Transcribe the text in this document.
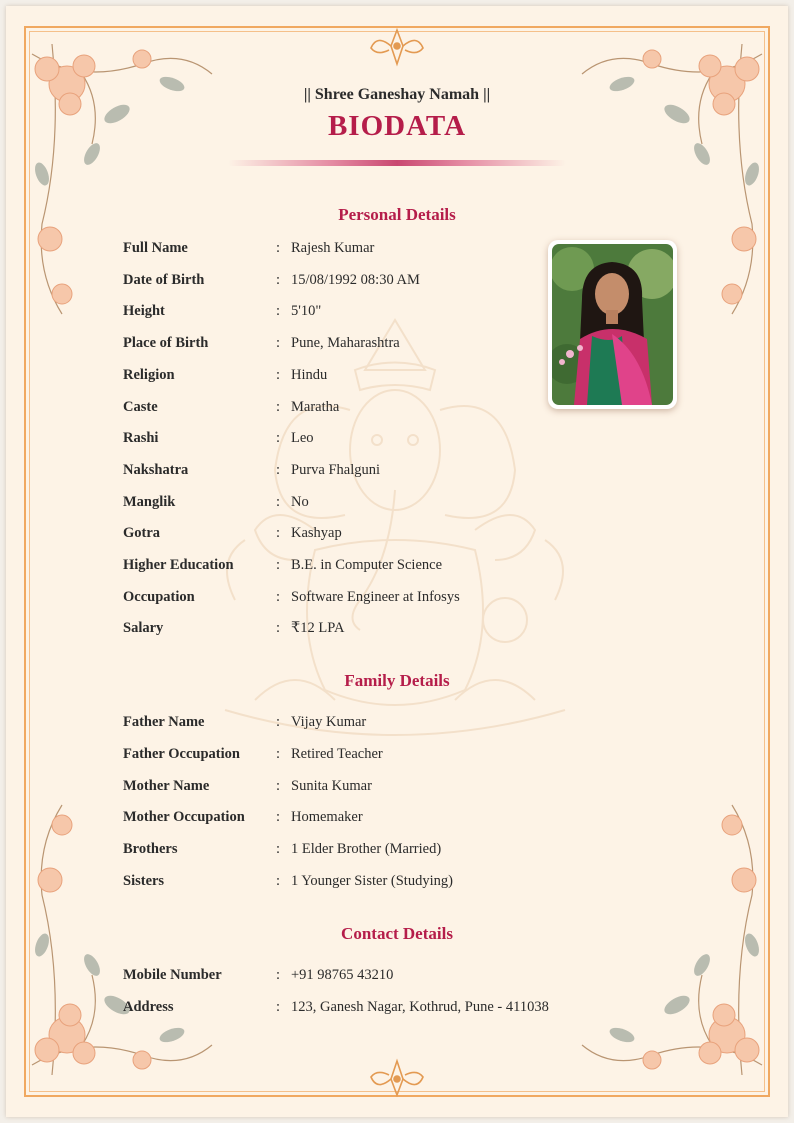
|| Shree Ganeshay Namah ||
BIODATA
Personal Details
Full Name	: Rajesh Kumar
Date of Birth	: 15/08/1992 08:30 AM
Height	: 5'10"
Place of Birth	: Pune, Maharashtra
Religion	: Hindu
Caste	: Maratha
Rashi	: Leo
Nakshatra	: Purva Fhalguni
Manglik	: No
Gotra	: Kashyap
Higher Education	: B.E. in Computer Science
Occupation	: Software Engineer at Infosys
Salary	: ₹12 LPA
Family Details
Father Name	: Vijay Kumar
Father Occupation	: Retired Teacher
Mother Name	: Sunita Kumar
Mother Occupation	: Homemaker
Brothers	: 1 Elder Brother (Married)
Sisters	: 1 Younger Sister (Studying)
Contact Details
Mobile Number	: +91 98765 43210
Address	: 123, Ganesh Nagar, Kothrud, Pune - 411038
